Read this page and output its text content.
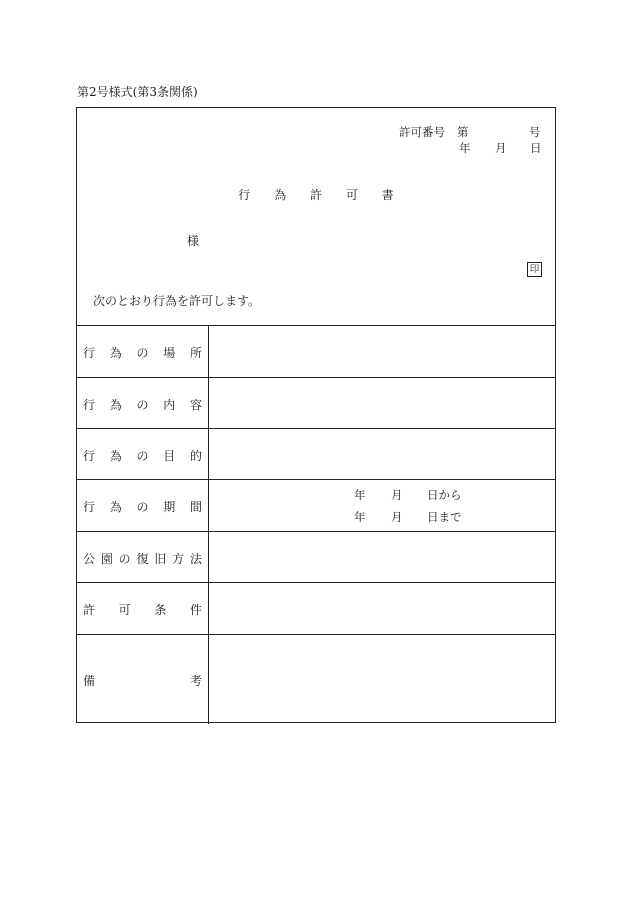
第2号様式(第3条関係)
許可番号 第	号
年 月 日
行 為 許 可 書
様
印
次のとおり行為を許可します。
行 為 の 場 所
行 為 の 内 容
行 為 の 目 的
行 為 の 期 間
年 月 日から
年 月 日まで
公 園 の 復 旧 方 法
許 可 条 件
備	考
